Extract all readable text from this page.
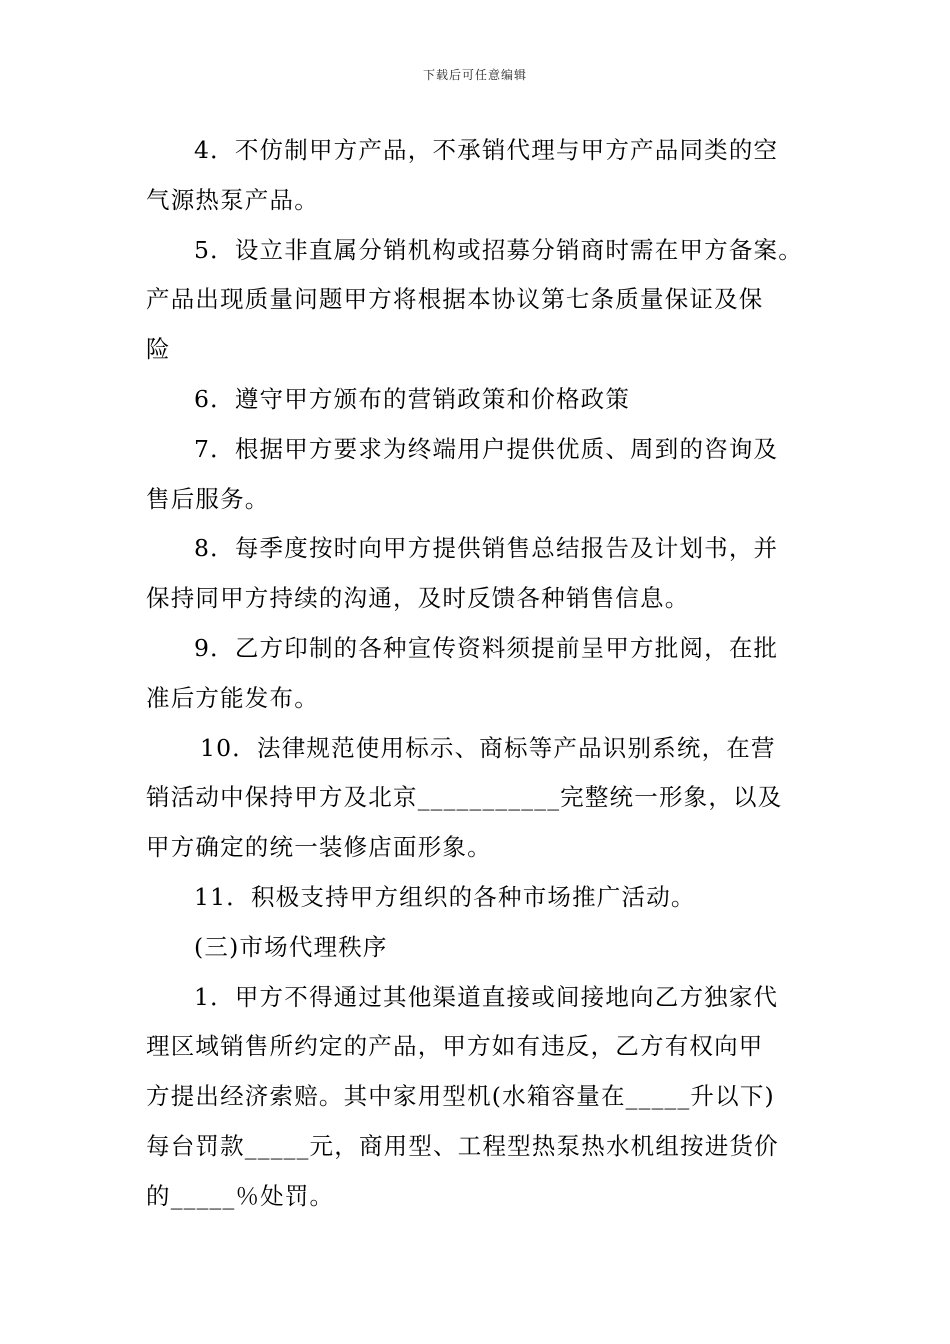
下载后可任意编辑

4．不仿制甲方产品，不承销代理与甲方产品同类的空

气源热泵产品。

5．设立非直属分销机构或招募分销商时需在甲方备案。

产品出现质量问题甲方将根据本协议第七条质量保证及保

险

6．遵守甲方颁布的营销政策和价格政策

7．根据甲方要求为终端用户提供优质、周到的咨询及

售后服务。

8．每季度按时向甲方提供销售总结报告及计划书，并

保持同甲方持续的沟通，及时反馈各种销售信息。

9．乙方印制的各种宣传资料须提前呈甲方批阅，在批

准后方能发布。

10．法律规范使用标示、商标等产品识别系统，在营

销活动中保持甲方及北京___________完整统一形象，以及

甲方确定的统一装修店面形象。

11．积极支持甲方组织的各种市场推广活动。

(三)市场代理秩序

1．甲方不得通过其他渠道直接或间接地向乙方独家代

理区域销售所约定的产品，甲方如有违反，乙方有权向甲

方提出经济索赔。其中家用型机(水箱容量在_____升以下)

每台罚款_____元，商用型、工程型热泵热水机组按进货价

的_____％处罚。
